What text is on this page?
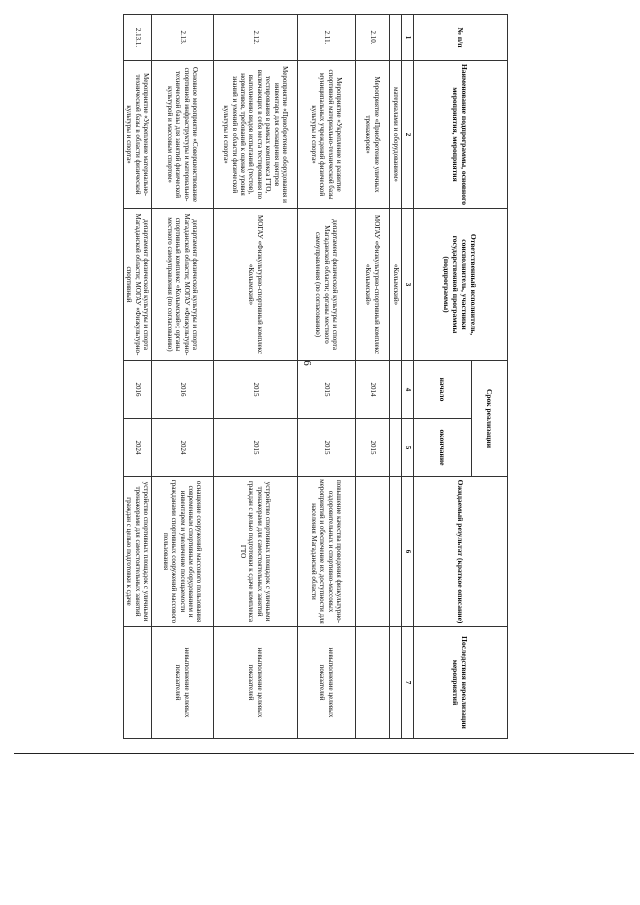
6
№ п/п	Наименование подпрограммы, основного мероприятия, мероприятия	Ответственный исполнитель, соисполнитель, участники государственной программы (подпрограммы)	Срок реализации		Ожидаемый результат (краткое описание)	Последствия нереализации мероприятий
			начало	окончание		
1	2	3	4	5	6	7
	материалами и оборудованием»	«Колымский»				
2.10.	Мероприятие «Приобретение уличных тренажеров»	МОГАУ «Физкультурно-спортивный комплекс «Колымский»	2014	2015		
2.11.	Мероприятие «Укрепление и развитие спортивной материально-технической базы муниципальных учреждений физической культуры и спорта»	департамент физической культуры и спорта Магаданской области; органы местного самоуправления (по согласованию)	2015	2015	повышение качества проведения физкультурно-оздоровительных и спортивно-массовых мероприятий и обеспечение их доступности для населения Магаданской области	невыполнение целевых показателей
2.12.	Мероприятие «Приобретение оборудования и инвентаря для оснащения центров тестирования в рамках комплекса ГТО, включающих в себя места тестирования по выполнению видов испытаний (тестов), нормативов, требований к оценке уровня знаний и умений в области физической культуры и спорта»	МОГАУ «Физкультурно-спортивный комплекс «Колымский»	2015	2015	устройство спортивных площадок с уличными тренажерами для самостоятельных занятий граждан с целью подготовки к сдаче комплекса ГТО	невыполнение целевых показателей
2.13.	Основное мероприятие «Совершенствование спортивной инфраструктуры и материально-технической базы для занятий физической культурой и массовым спортом»	департамент физической культуры и спорта Магаданской области; МОГАУ «Физкультурно-спортивный комплекс «Колымский»; органы местного самоуправления (по согласованию)	2016	2024	оснащение сооружений массового пользования современным спортивным оборудованием и инвентарем и увеличение посещаемости гражданами спортивных сооружений массового пользования	невыполнение целевых показателей
2.13.1.	Мероприятие «Укрепление материально-технической базы в области физической культуры и спорта»	департамент физической культуры и спорта Магаданской области; МОГАУ «Физкультурно-спортивный	2016	2024	устройство спортивных площадок с уличными тренажерами для самостоятельных занятий граждан с целью подготовки к сдаче	
